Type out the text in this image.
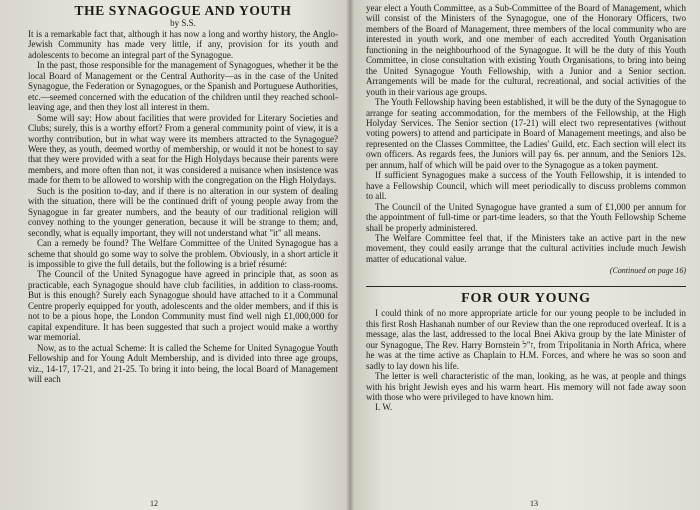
THE SYNAGOGUE AND YOUTH
by S.S.

It is a remarkable fact that, although it has now a long and worthy history, the Anglo-Jewish Community has made very little, if any, provision for its youth and adolescents to become an integral part of the Synagogue.

In the past, those responsible for the management of Synagogues, whether it be the local Board of Management or the Central Authority—as in the case of the United Synagogue, the Federation or Synagogues, or the Spanish and Portuguese Authorities, etc.—seemed concerned with the education of the children until they reached school-leaving age, and then they lost all interest in them.

Some will say: How about facilities that were provided for Literary Societies and Clubs; surely, this is a worthy effort? From a general community point of view, it is a worthy contribution, but in what way were its members attracted to the Synagogue? Were they, as youth, deemed worthy of membership, or would it not be honest to say that they were provided with a seat for the High Holydays because their parents were members, and more often than not, it was considered a nuisance when insistence was made for them to be allowed to worship with the congregation on the High Holydays.

Such is the position to-day, and if there is no alteration in our system of dealing with the situation, there will be the continued drift of young people away from the Synagogue in far greater numbers, and the beauty of our traditional religion will convey nothing to the younger generation, because it will be strange to them; and, secondly, what is equally important, they will not understand what "it" all means.

Can a remedy be found? The Welfare Committee of the United Synagogue has a scheme that should go some way to solve the problem. Obviously, in a short article it is impossible to give the full details, but the following is a brief résumé:

The Council of the United Synagogue have agreed in principle that, as soon as practicable, each Synagogue should have club facilities, in addition to class-rooms. But is this enough? Surely each Synagogue should have attached to it a Communal Centre properly equipped for youth, adolescents and the older members, and if this is not to be a pious hope, the London Community must find well nigh £1,000,000 for capital expenditure. It has been suggested that such a project would make a worthy war memorial.

Now, as to the actual Scheme: It is called the Scheme for United Synagogue Youth Fellowship and for Young Adult Membership, and is divided into three age groups, viz., 14-17, 17-21, and 21-25. To bring it into being, the local Board of Management will each

12

year elect a Youth Committee, as a Sub-Committee of the Board of Management, which will consist of the Ministers of the Synagogue, one of the Honorary Officers, two members of the Board of Management, three members of the local community who are interested in youth work, and one member of each accredited Youth Organisation functioning in the neighbourhood of the Synagogue. It will be the duty of this Youth Committee, in close consultation with existing Youth Organisations, to bring into being the United Synagogue Youth Fellowship, with a Junior and a Senior section. Arrangements will be made for the cultural, recreational, and social activities of the youth in their various age groups.

The Youth Fellowship having been established, it will be the duty of the Synagogue to arrange for seating accommodation, for the members of the Fellowship, at the High Holyday Services. The Senior section (17-21) will elect two representatives (without voting powers) to attend and participate in Board of Management meetings, and also be represented on the Classes Committee, the Ladies' Guild, etc. Each section will elect its own officers. As regards fees, the Juniors will pay 6s. per annum, and the Seniors 12s. per annum, half of which will be paid over to the Synagogue as a token payment.

If sufficient Synagogues make a success of the Youth Fellowship, it is intended to have a Fellowship Council, which will meet periodically to discuss problems common to all.

The Council of the United Synagogue have granted a sum of £1,000 per annum for the appointment of full-time or part-time leaders, so that the Youth Fellowship Scheme shall be properly administered.

The Welfare Committee feel that, if the Ministers take an active part in the new movement, they could easily arrange that the cultural activities include much Jewish matter of educational value.

(Continued on page 16)
FOR OUR YOUNG

I could think of no more appropriate article for our young people to be included in this first Rosh Hashanah number of our Review than the one reproduced overleaf. It is a message, alas the last, addressed to the local Bnei Akiva group by the late Minister of our Synagogue, The Rev. Harry Bornstein ז"ל, from Tripolitania in North Africa, where he was at the time active as Chaplain to H.M. Forces, and where he was so soon and sadly to lay down his life.

The letter is well characteristic of the man, looking, as he was, at people and things with his bright Jewish eyes and his warm heart. His memory will not fade away soon with those who were privileged to have known him.

I. W.

13
